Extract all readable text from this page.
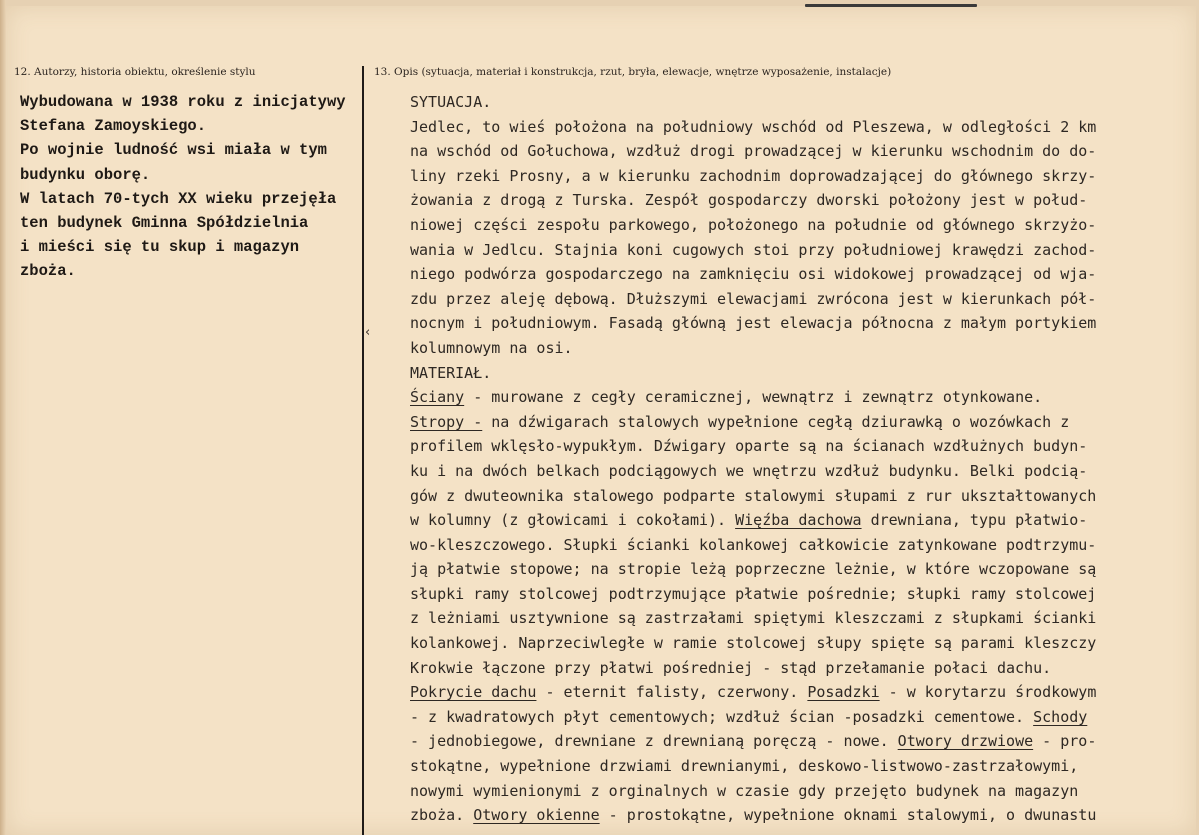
12. Autorzy, historia obiektu, określenie stylu	13. Opis (sytuacja, materiał i konstrukcja, rzut, bryła, elewacje, wnętrze wyposażenie, instalacje)
‹
Wybudowana w 1938 roku z inicjatywy
Stefana Zamoyskiego.
Po wojnie ludność wsi miała w tym
budynku oborę.
W latach 70-tych XX wieku przejęła
ten budynek Gminna Spółdzielnia
i mieści się tu skup i magazyn
zboża.
SYTUACJA.
Jedlec, to wieś położona na południowy wschód od Pleszewa, w odległości 2 km
na wschód od Gołuchowa, wzdłuż drogi prowadzącej w kierunku wschodnim do do-
liny rzeki Prosny, a w kierunku zachodnim doprowadzającej do głównego skrzy-
żowania z drogą z Turska. Zespół gospodarczy dworski położony jest w połud-
niowej części zespołu parkowego, położonego na południe od głównego skrzyżo-
wania w Jedlcu. Stajnia koni cugowych stoi przy południowej krawędzi zachod-
niego podwórza gospodarczego na zamknięciu osi widokowej prowadzącej od wja-
zdu przez aleję dębową. Dłuższymi elewacjami zwrócona jest w kierunkach pół-
nocnym i południowym. Fasadą główną jest elewacja północna z małym portykiem
kolumnowym na osi.
MATERIAŁ.
Ściany - murowane z cegły ceramicznej, wewnątrz i zewnątrz otynkowane.
Stropy - na dźwigarach stalowych wypełnione cegłą dziurawką o wozówkach z
profilem wklęsło-wypukłym. Dźwigary oparte są na ścianach wzdłużnych budyn-
ku i na dwóch belkach podciągowych we wnętrzu wzdłuż budynku. Belki podcią-
gów z dwuteownika stalowego podparte stalowymi słupami z rur ukształtowanych
w kolumny (z głowicami i cokołami). Więźba dachowa drewniana, typu płatwio-
wo-kleszczowego. Słupki ścianki kolankowej całkowicie zatynkowane podtrzymu-
ją płatwie stopowe; na stropie leżą poprzeczne leżnie, w które wczopowane są
słupki ramy stolcowej podtrzymujące płatwie pośrednie; słupki ramy stolcowej
z leżniami usztywnione są zastrzałami spiętymi kleszczami z słupkami ścianki
kolankowej. Naprzeciwległe w ramie stolcowej słupy spięte są parami kleszczy
Krokwie łączone przy płatwi pośredniej - stąd przełamanie połaci dachu.
Pokrycie dachu - eternit falisty, czerwony. Posadzki - w korytarzu środkowym
- z kwadratowych płyt cementowych; wzdłuż ścian -posadzki cementowe. Schody
- jednobiegowe, drewniane z drewnianą poręczą - nowe. Otwory drzwiowe - pro-
stokątne, wypełnione drzwiami drewnianymi, deskowo-listwowo-zastrzałowymi,
nowymi wymienionymi z orginalnych w czasie gdy przejęto budynek na magazyn
zboża. Otwory okienne - prostokątne, wypełnione oknami stalowymi, o dwunastu
